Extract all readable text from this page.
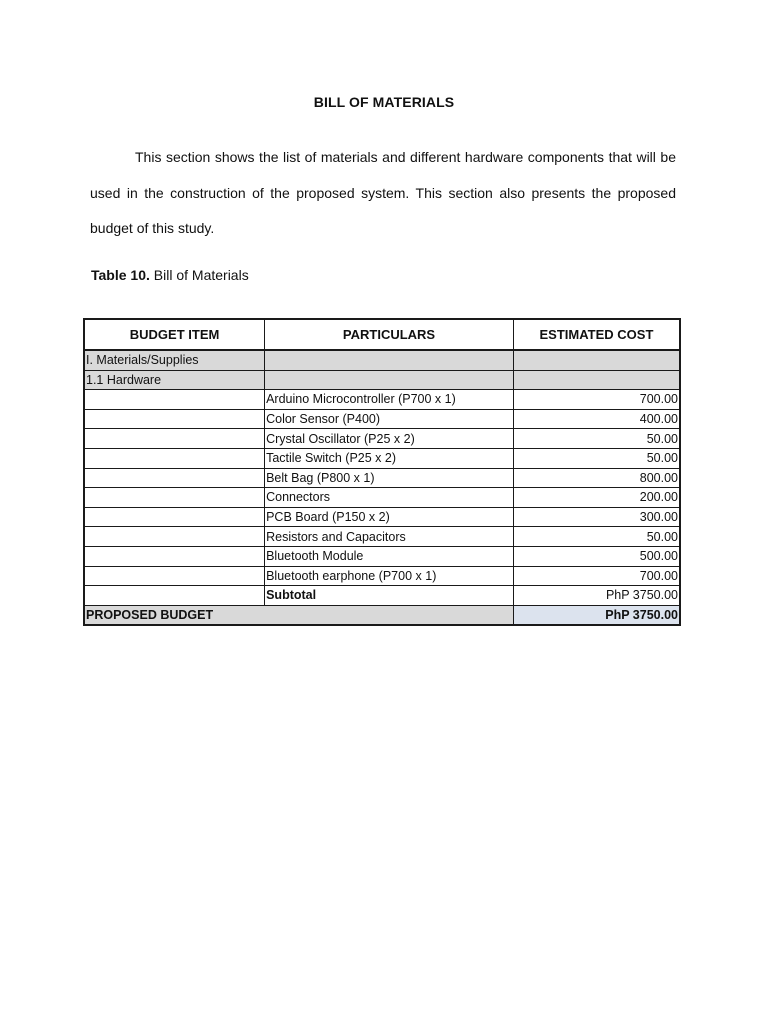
BILL OF MATERIALS

This section shows the list of materials and different hardware components that will be used in the construction of the proposed system. This section also presents the proposed budget of this study.

Table 10. Bill of Materials
BUDGET ITEM	PARTICULARS	ESTIMATED COST
I. Materials/Supplies		
1.1 Hardware		
	Arduino Microcontroller (P700 x 1)	700.00
	Color Sensor (P400)	400.00
	Crystal Oscillator (P25 x 2)	50.00
	Tactile Switch (P25 x 2)	50.00
	Belt Bag (P800 x 1)	800.00
	Connectors	200.00
	PCB Board (P150 x 2)	300.00
	Resistors and Capacitors	50.00
	Bluetooth Module	500.00
	Bluetooth earphone (P700 x 1)	700.00
	Subtotal	PhP 3750.00
PROPOSED BUDGET		PhP 3750.00
